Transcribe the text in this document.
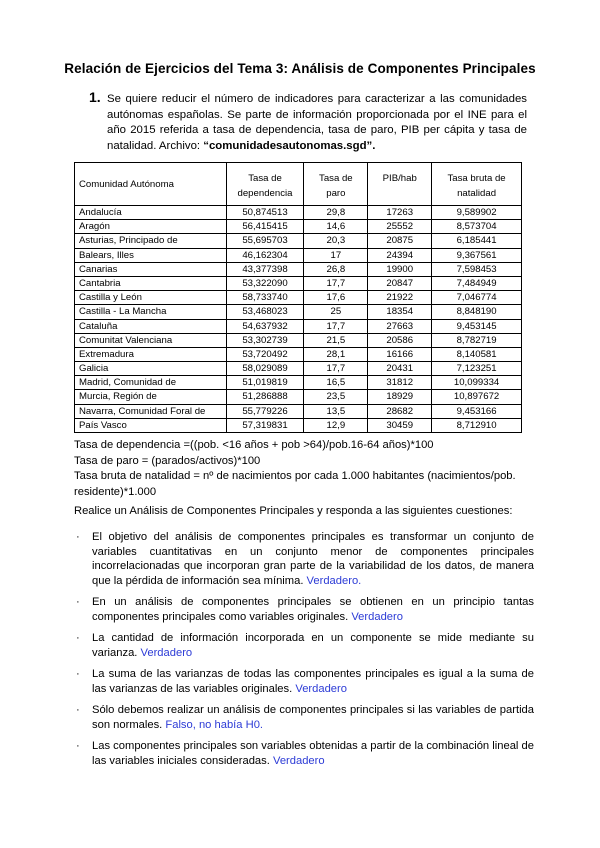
Relación de Ejercicios del Tema 3: Análisis de Componentes Principales
1. Se quiere reducir el número de indicadores para caracterizar a las comunidades autónomas españolas. Se parte de información proporcionada por el INE para el año 2015 referida a tasa de dependencia, tasa de paro, PIB per cápita y tasa de natalidad. Archivo: “comunidadesautonomas.sgd”.
Comunidad Autónoma	Tasa de dependencia	Tasa de paro	PIB/hab	Tasa bruta de natalidad
Andalucía	50,874513	29,8	17263	9,589902
Aragón	56,415415	14,6	25552	8,573704
Asturias, Principado de	55,695703	20,3	20875	6,185441
Balears, Illes	46,162304	17	24394	9,367561
Canarias	43,377398	26,8	19900	7,598453
Cantabria	53,322090	17,7	20847	7,484949
Castilla y León	58,733740	17,6	21922	7,046774
Castilla - La Mancha	53,468023	25	18354	8,848190
Cataluña	54,637932	17,7	27663	9,453145
Comunitat Valenciana	53,302739	21,5	20586	8,782719
Extremadura	53,720492	28,1	16166	8,140581
Galicia	58,029089	17,7	20431	7,123251
Madrid, Comunidad de	51,019819	16,5	31812	10,099334
Murcia, Región de	51,286888	23,5	18929	10,897672
Navarra, Comunidad Foral de	55,779226	13,5	28682	9,453166
País Vasco	57,319831	12,9	30459	8,712910
Tasa de dependencia =((pob. <16 años + pob >64)/pob.16-64 años)*100
Tasa de paro = (parados/activos)*100
Tasa bruta de natalidad = nº de nacimientos por cada 1.000 habitantes (nacimientos/pob. residente)*1.000
Realice un Análisis de Componentes Principales y responda a las siguientes cuestiones:
· El objetivo del análisis de componentes principales es transformar un conjunto de variables cuantitativas en un conjunto menor de componentes principales incorrelacionadas que incorporan gran parte de la variabilidad de los datos, de manera que la pérdida de información sea mínima. Verdadero.
· En un análisis de componentes principales se obtienen en un principio tantas componentes principales como variables originales. Verdadero
· La cantidad de información incorporada en un componente se mide mediante su varianza. Verdadero
· La suma de las varianzas de todas las componentes principales es igual a la suma de las varianzas de las variables originales. Verdadero
· Sólo debemos realizar un análisis de componentes principales si las variables de partida son normales. Falso, no había H0.
· Las componentes principales son variables obtenidas a partir de la combinación lineal de las variables iniciales consideradas. Verdadero
